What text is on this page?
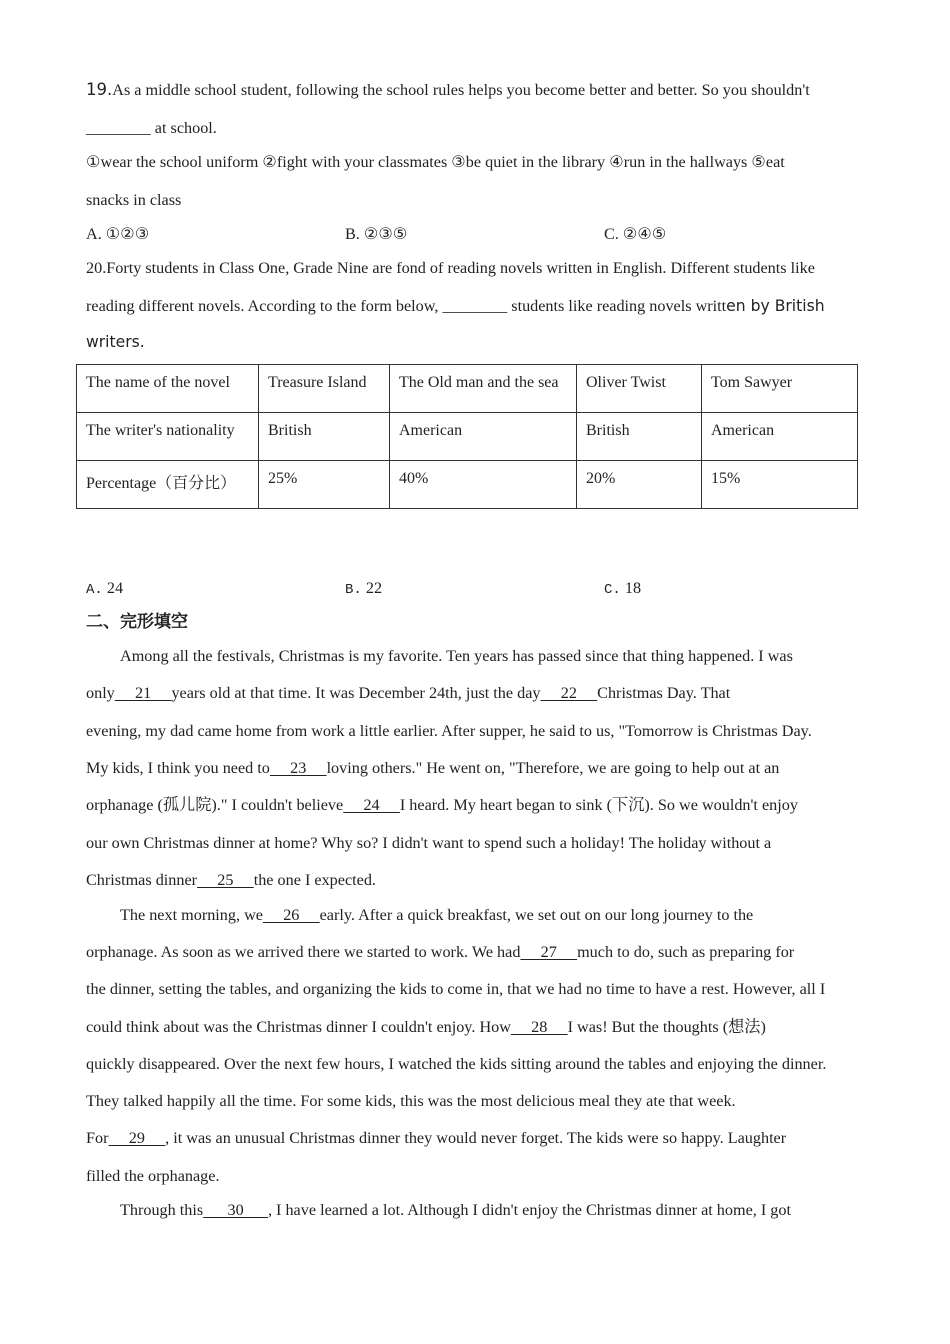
19.As a middle school student, following the school rules helps you become better and better. So you shouldn't
________ at school.
①wear the school uniform ②fight with your classmates ③be quiet in the library ④run in the hallways ⑤eat
snacks in class
A. ①②③	B. ②③⑤	C. ②④⑤
20.Forty students in Class One, Grade Nine are fond of reading novels written in English. Different students like
reading different novels. According to the form below, ________ students like reading novels written by British
writers.
The name of the novel	Treasure Island	The Old man and the sea	Oliver Twist	Tom Sawyer
The writer's nationality	British	American	British	American
Percentage（百分比）	25%	40%	20%	15%
A. 24	B. 22	C. 18
二、完形填空
Among all the festivals, Christmas is my favorite. Ten years has passed since that thing happened. I was
only     21     years old at that time. It was December 24th, just the day     22     Christmas Day. That
evening, my dad came home from work a little earlier. After supper, he said to us, "Tomorrow is Christmas Day.
My kids, I think you need to     23     loving others." He went on, "Therefore, we are going to help out at an
orphanage (孤儿院)." I couldn't believe     24     I heard. My heart began to sink (下沉). So we wouldn't enjoy
our own Christmas dinner at home? Why so? I didn't want to spend such a holiday! The holiday without a
Christmas dinner     25     the one I expected.
The next morning, we     26     early. After a quick breakfast, we set out on our long journey to the
orphanage. As soon as we arrived there we started to work. We had     27     much to do, such as preparing for
the dinner, setting the tables, and organizing the kids to come in, that we had no time to have a rest. However, all I
could think about was the Christmas dinner I couldn't enjoy. How     28     I was! But the thoughts (想法)
quickly disappeared. Over the next few hours, I watched the kids sitting around the tables and enjoying the dinner.
They talked happily all the time. For some kids, this was the most delicious meal they ate that week.
For     29     , it was an unusual Christmas dinner they would never forget. The kids were so happy. Laughter
filled the orphanage.
Through this      30      , I have learned a lot. Although I didn't enjoy the Christmas dinner at home, I got
